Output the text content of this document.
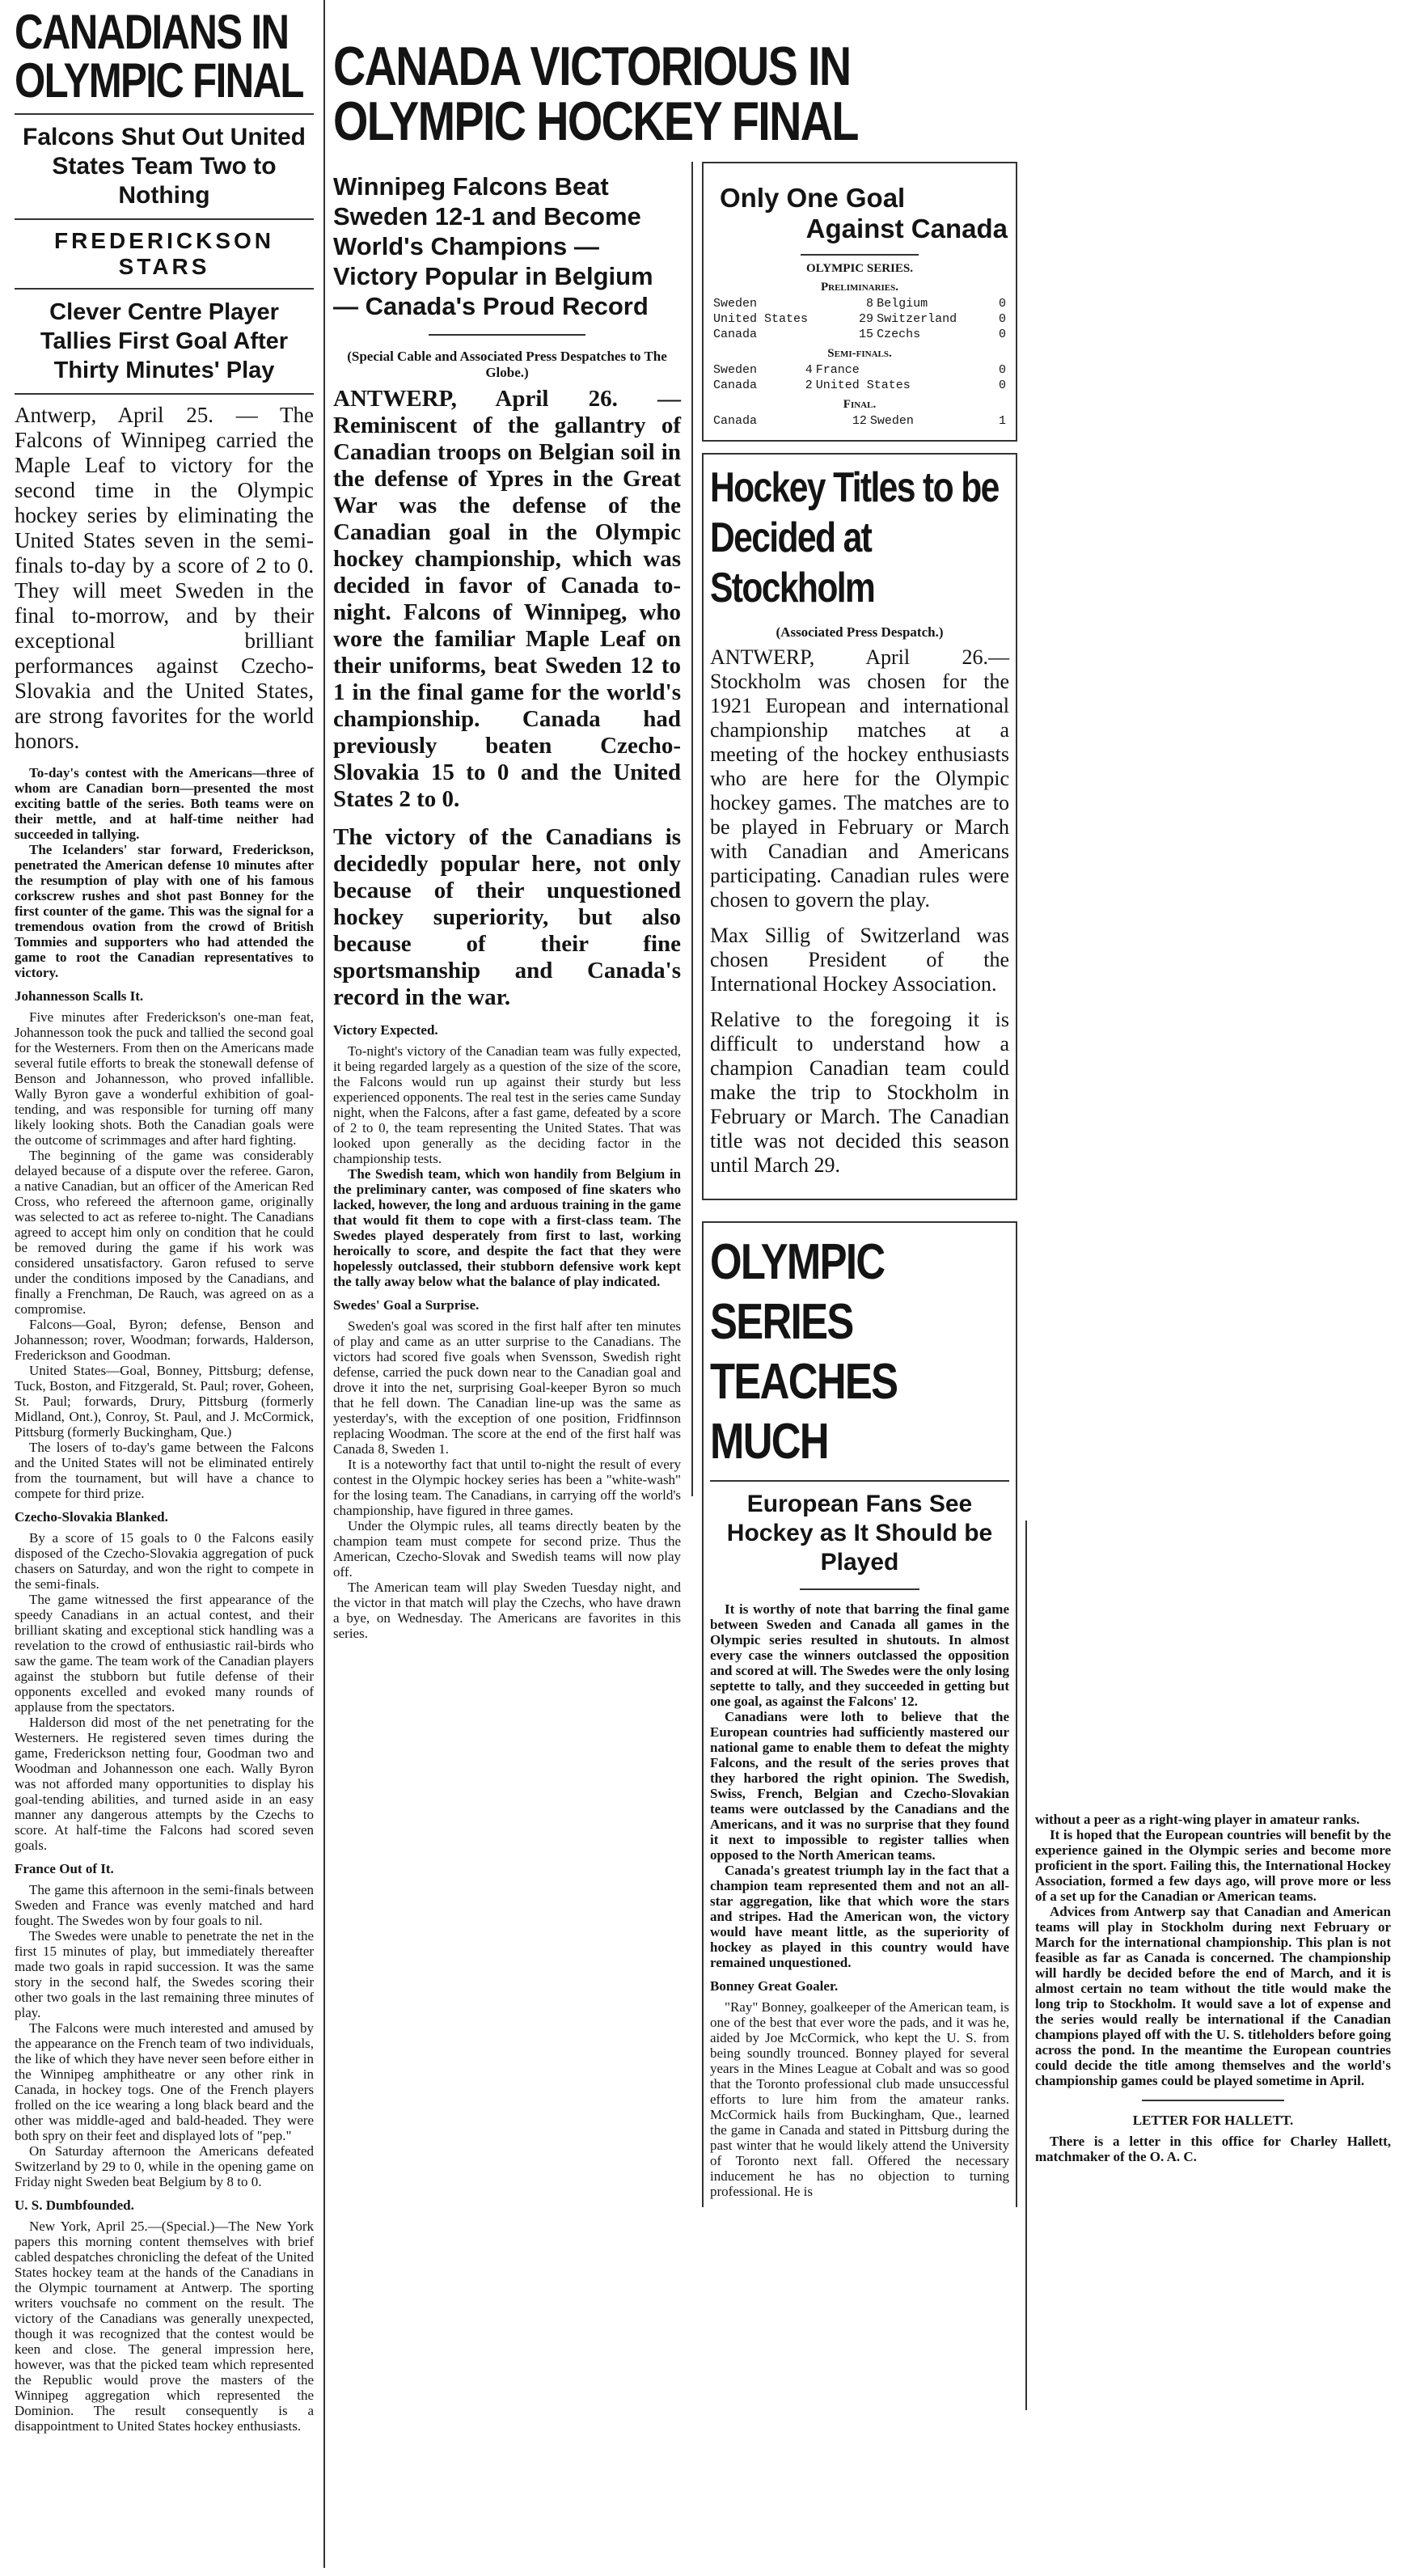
CANADIANS IN OLYMPIC FINAL

Falcons Shut Out United States Team Two to Nothing

FREDERICKSON STARS

Clever Centre Player Tallies First Goal After Thirty Minutes' Play

Antwerp, April 25. — The Falcons of Winnipeg carried the Maple Leaf to victory for the second time in the Olympic hockey series by eliminating the United States seven in the semi-finals to-day by a score of 2 to 0. They will meet Sweden in the final to-morrow, and by their exceptional brilliant performances against Czecho-Slovakia and the United States, are strong favorites for the world honors.

To-day's contest with the Americans—three of whom are Canadian born—presented the most exciting battle of the series. Both teams were on their mettle, and at half-time neither had succeeded in tallying.

The Icelanders' star forward, Frederickson, penetrated the American defense 10 minutes after the resumption of play with one of his famous corkscrew rushes and shot past Bonney for the first counter of the game. This was the signal for a tremendous ovation from the crowd of British Tommies and supporters who had attended the game to root the Canadian representatives to victory.

Johannesson Scalls It.

Five minutes after Frederickson's one-man feat, Johannesson took the puck and tallied the second goal for the Westerners. From then on the Americans made several futile efforts to break the stonewall defense of Benson and Johannesson, who proved infallible. Wally Byron gave a wonderful exhibition of goal-tending, and was responsible for turning off many likely looking shots. Both the Canadian goals were the outcome of scrimmages and after hard fighting.

The beginning of the game was considerably delayed because of a dispute over the referee. Garon, a native Canadian, but an officer of the American Red Cross, who refereed the afternoon game, originally was selected to act as referee to-night. The Canadians agreed to accept him only on condition that he could be removed during the game if his work was considered unsatisfactory. Garon refused to serve under the conditions imposed by the Canadians, and finally a Frenchman, De Rauch, was agreed on as a compromise.

Falcons—Goal, Byron; defense, Benson and Johannesson; rover, Woodman; forwards, Halderson, Frederickson and Goodman.

United States—Goal, Bonney, Pittsburg; defense, Tuck, Boston, and Fitzgerald, St. Paul; rover, Goheen, St. Paul; forwards, Drury, Pittsburg (formerly Midland, Ont.), Conroy, St. Paul, and J. McCormick, Pittsburg (formerly Buckingham, Que.)

The losers of to-day's game between the Falcons and the United States will not be eliminated entirely from the tournament, but will have a chance to compete for third prize.

Czecho-Slovakia Blanked.

By a score of 15 goals to 0 the Falcons easily disposed of the Czecho-Slovakia aggregation of puck chasers on Saturday, and won the right to compete in the semi-finals.

The game witnessed the first appearance of the speedy Canadians in an actual contest, and their brilliant skating and exceptional stick handling was a revelation to the crowd of enthusiastic rail-birds who saw the game. The team work of the Canadian players against the stubborn but futile defense of their opponents excelled and evoked many rounds of applause from the spectators.

Halderson did most of the net penetrating for the Westerners. He registered seven times during the game, Frederickson netting four, Goodman two and Woodman and Johannesson one each. Wally Byron was not afforded many opportunities to display his goal-tending abilities, and turned aside in an easy manner any dangerous attempts by the Czechs to score. At half-time the Falcons had scored seven goals.

France Out of It.

The game this afternoon in the semi-finals between Sweden and France was evenly matched and hard fought. The Swedes won by four goals to nil.

The Swedes were unable to penetrate the net in the first 15 minutes of play, but immediately thereafter made two goals in rapid succession. It was the same story in the second half, the Swedes scoring their other two goals in the last remaining three minutes of play.

The Falcons were much interested and amused by the appearance on the French team of two individuals, the like of which they have never seen before either in the Winnipeg amphitheatre or any other rink in Canada, in hockey togs. One of the French players frolled on the ice wearing a long black beard and the other was middle-aged and bald-headed. They were both spry on their feet and displayed lots of "pep."

On Saturday afternoon the Americans defeated Switzerland by 29 to 0, while in the opening game on Friday night Sweden beat Belgium by 8 to 0.

U. S. Dumbfounded.

New York, April 25.—(Special.)—The New York papers this morning content themselves with brief cabled despatches chronicling the defeat of the United States hockey team at the hands of the Canadians in the Olympic tournament at Antwerp. The sporting writers vouchsafe no comment on the result. The victory of the Canadians was generally unexpected, though it was recognized that the contest would be keen and close. The general impression here, however, was that the picked team which represented the Republic would prove the masters of the Winnipeg aggregation which represented the Dominion. The result consequently is a disappointment to United States hockey enthusiasts.

CANADA VICTORIOUS IN OLYMPIC HOCKEY FINAL

Winnipeg Falcons Beat Sweden 12-1 and Become World's Champions — Victory Popular in Belgium — Canada's Proud Record

(Special Cable and Associated Press Despatches to The Globe.)

ANTWERP, April 26. — Reminiscent of the gallantry of Canadian troops on Belgian soil in the defense of Ypres in the Great War was the defense of the Canadian goal in the Olympic hockey championship, which was decided in favor of Canada to-night. Falcons of Winnipeg, who wore the familiar Maple Leaf on their uniforms, beat Sweden 12 to 1 in the final game for the world's championship. Canada had previously beaten Czecho-Slovakia 15 to 0 and the United States 2 to 0.

The victory of the Canadians is decidedly popular here, not only because of their unquestioned hockey superiority, but also because of their fine sportsmanship and Canada's record in the war.

Victory Expected.

To-night's victory of the Canadian team was fully expected, it being regarded largely as a question of the size of the score, the Falcons would run up against their sturdy but less experienced opponents. The real test in the series came Sunday night, when the Falcons, after a fast game, defeated by a score of 2 to 0, the team representing the United States. That was looked upon generally as the deciding factor in the championship tests.

The Swedish team, which won handily from Belgium in the preliminary canter, was composed of fine skaters who lacked, however, the long and arduous training in the game that would fit them to cope with a first-class team. The Swedes played desperately from first to last, working heroically to score, and despite the fact that they were hopelessly outclassed, their stubborn defensive work kept the tally away below what the balance of play indicated.

Swedes' Goal a Surprise.

Sweden's goal was scored in the first half after ten minutes of play and came as an utter surprise to the Canadians. The victors had scored five goals when Svensson, Swedish right defense, carried the puck down near to the Canadian goal and drove it into the net, surprising Goal-keeper Byron so much that he fell down. The Canadian line-up was the same as yesterday's, with the exception of one position, Fridfinnson replacing Woodman. The score at the end of the first half was Canada 8, Sweden 1.

It is a noteworthy fact that until to-night the result of every contest in the Olympic hockey series has been a "white-wash" for the losing team. The Canadians, in carrying off the world's championship, have figured in three games.

Under the Olympic rules, all teams directly beaten by the champion team must compete for second prize. Thus the American, Czecho-Slovak and Swedish teams will now play off.

The American team will play Sweden Tuesday night, and the victor in that match will play the Czechs, who have drawn a bye, on Wednesday. The Americans are favorites in this series.

Only One Goal

Against Canada

OLYMPIC SERIES.

Preliminaries.

Sweden	8	Belgium	0
United States	29	Switzerland	0
Canada	15	Czechs	0

Semi-finals.

Sweden	4	France	0
Canada	2	United States	0

Final.

Canada	12	Sweden	1
Hockey Titles to be Decided at Stockholm

(Associated Press Despatch.)

ANTWERP, April 26.— Stockholm was chosen for the 1921 European and international championship matches at a meeting of the hockey enthusiasts who are here for the Olympic hockey games. The matches are to be played in February or March with Canadian and Americans participating. Canadian rules were chosen to govern the play.

Max Sillig of Switzerland was chosen President of the International Hockey Association.

Relative to the foregoing it is difficult to understand how a champion Canadian team could make the trip to Stockholm in February or March. The Canadian title was not decided this season until March 29.

OLYMPIC SERIES TEACHES MUCH

European Fans See Hockey as It Should be Played

It is worthy of note that barring the final game between Sweden and Canada all games in the Olympic series resulted in shutouts. In almost every case the winners outclassed the opposition and scored at will. The Swedes were the only losing septette to tally, and they succeeded in getting but one goal, as against the Falcons' 12.

Canadians were loth to believe that the European countries had sufficiently mastered our national game to enable them to defeat the mighty Falcons, and the result of the series proves that they harbored the right opinion. The Swedish, Swiss, French, Belgian and Czecho-Slovakian teams were outclassed by the Canadians and the Americans, and it was no surprise that they found it next to impossible to register tallies when opposed to the North American teams.

Canada's greatest triumph lay in the fact that a champion team represented them and not an all-star aggregation, like that which wore the stars and stripes. Had the American won, the victory would have meant little, as the superiority of hockey as played in this country would have remained unquestioned.

Bonney Great Goaler.

"Ray" Bonney, goalkeeper of the American team, is one of the best that ever wore the pads, and it was he, aided by Joe McCormick, who kept the U. S. from being soundly trounced. Bonney played for several years in the Mines League at Cobalt and was so good that the Toronto professional club made unsuccessful efforts to lure him from the amateur ranks. McCormick hails from Buckingham, Que., learned the game in Canada and stated in Pittsburg during the past winter that he would likely attend the University of Toronto next fall. Offered the necessary inducement he has no objection to turning professional. He is

without a peer as a right-wing player in amateur ranks.

It is hoped that the European countries will benefit by the experience gained in the Olympic series and become more proficient in the sport. Failing this, the International Hockey Association, formed a few days ago, will prove more or less of a set up for the Canadian or American teams.

Advices from Antwerp say that Canadian and American teams will play in Stockholm during next February or March for the international championship. This plan is not feasible as far as Canada is concerned. The championship will hardly be decided before the end of March, and it is almost certain no team without the title would make the long trip to Stockholm. It would save a lot of expense and the series would really be international if the Canadian champions played off with the U. S. titleholders before going across the pond. In the meantime the European countries could decide the title among themselves and the world's championship games could be played sometime in April.

LETTER FOR HALLETT.

There is a letter in this office for Charley Hallett, matchmaker of the O. A. C.
